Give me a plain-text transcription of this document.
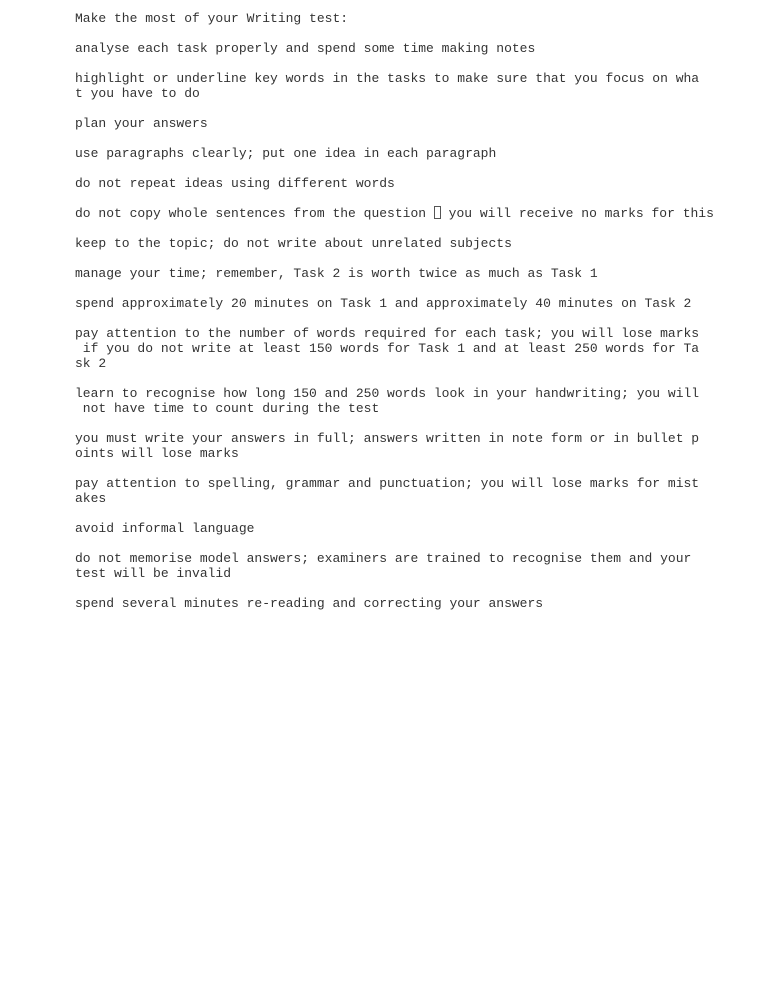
Make the most of your Writing test:

analyse each task properly and spend some time making notes

highlight or underline key words in the tasks to make sure that you focus on wha
t you have to do

plan your answers

use paragraphs clearly; put one idea in each paragraph

do not repeat ideas using different words

do not copy whole sentences from the question  you will receive no marks for this

keep to the topic; do not write about unrelated subjects

manage your time; remember, Task 2 is worth twice as much as Task 1

spend approximately 20 minutes on Task 1 and approximately 40 minutes on Task 2

pay attention to the number of words required for each task; you will lose marks
if you do not write at least 150 words for Task 1 and at least 250 words for Ta
sk 2

learn to recognise how long 150 and 250 words look in your handwriting; you will
not have time to count during the test

you must write your answers in full; answers written in note form or in bullet p
oints will lose marks

pay attention to spelling, grammar and punctuation; you will lose marks for mist
akes

avoid informal language

do not memorise model answers; examiners are trained to recognise them and your
test will be invalid

spend several minutes re-reading and correcting your answers
